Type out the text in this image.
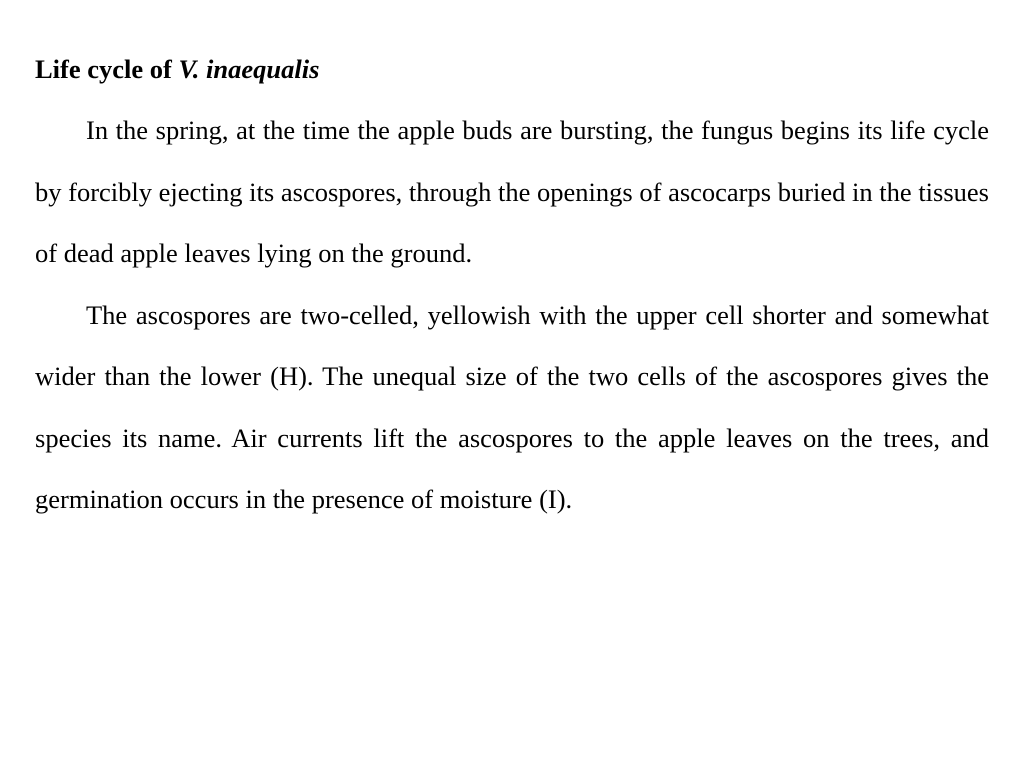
Life cycle of V. inaequalis

In the spring, at the time the apple buds are bursting, the fungus begins its life cycle by forcibly ejecting its ascospores, through the openings of ascocarps buried in the tissues of dead apple leaves lying on the ground.

The ascospores are two-celled, yellowish with the upper cell shorter and somewhat wider than the lower (H). The unequal size of the two cells of the ascospores gives the species its name. Air currents lift the ascospores to the apple leaves on the trees, and germination occurs in the presence of moisture (I).
